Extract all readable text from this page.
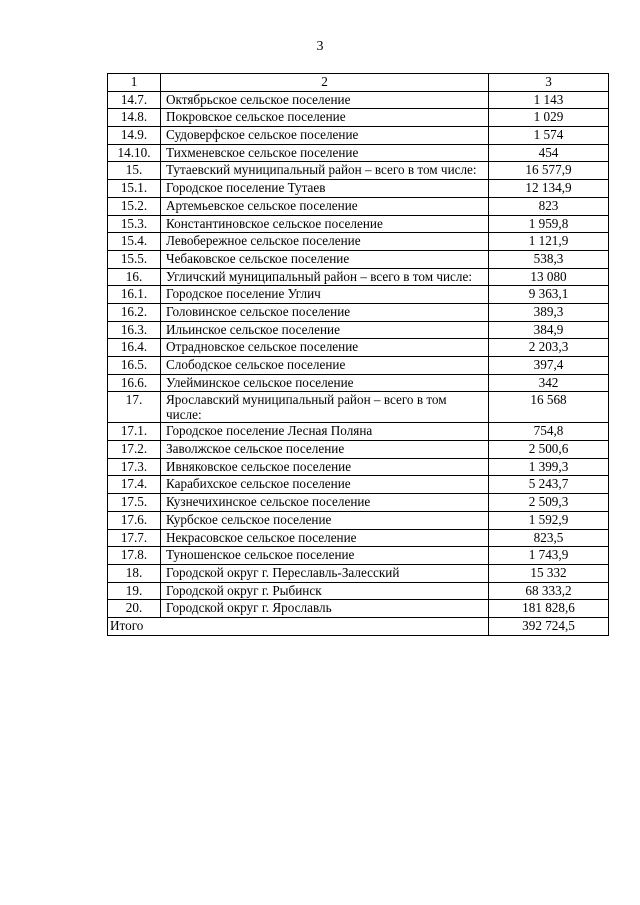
3
1	2	3
14.7.	Октябрьское сельское поселение	1 143
14.8.	Покровское сельское поселение	1 029
14.9.	Судоверфское сельское поселение	1 574
14.10.	Тихменевское сельское поселение	454
15.	Тутаевский муниципальный район – всего в том числе:	16 577,9
15.1.	Городское поселение Тутаев	12 134,9
15.2.	Артемьевское сельское поселение	823
15.3.	Константиновское сельское поселение	1 959,8
15.4.	Левобережное сельское поселение	1 121,9
15.5.	Чебаковское сельское поселение	538,3
16.	Угличский муниципальный район – всего в том числе:	13 080
16.1.	Городское поселение Углич	9 363,1
16.2.	Головинское сельское поселение	389,3
16.3.	Ильинское сельское поселение	384,9
16.4.	Отрадновское сельское поселение	2 203,3
16.5.	Слободское сельское поселение	397,4
16.6.	Улейминское сельское поселение	342
17.	Ярославский муниципальный район – всего в том числе:	16 568
17.1.	Городское поселение Лесная Поляна	754,8
17.2.	Заволжское сельское поселение	2 500,6
17.3.	Ивняковское сельское поселение	1 399,3
17.4.	Карабихское сельское поселение	5 243,7
17.5.	Кузнечихинское сельское поселение	2 509,3
17.6.	Курбское сельское поселение	1 592,9
17.7.	Некрасовское сельское поселение	823,5
17.8.	Туношенское сельское поселение	1 743,9
18.	Городской округ г. Переславль-Залесский	15 332
19.	Городской округ г. Рыбинск	68 333,2
20.	Городской округ г. Ярославль	181 828,6
Итого		392 724,5
